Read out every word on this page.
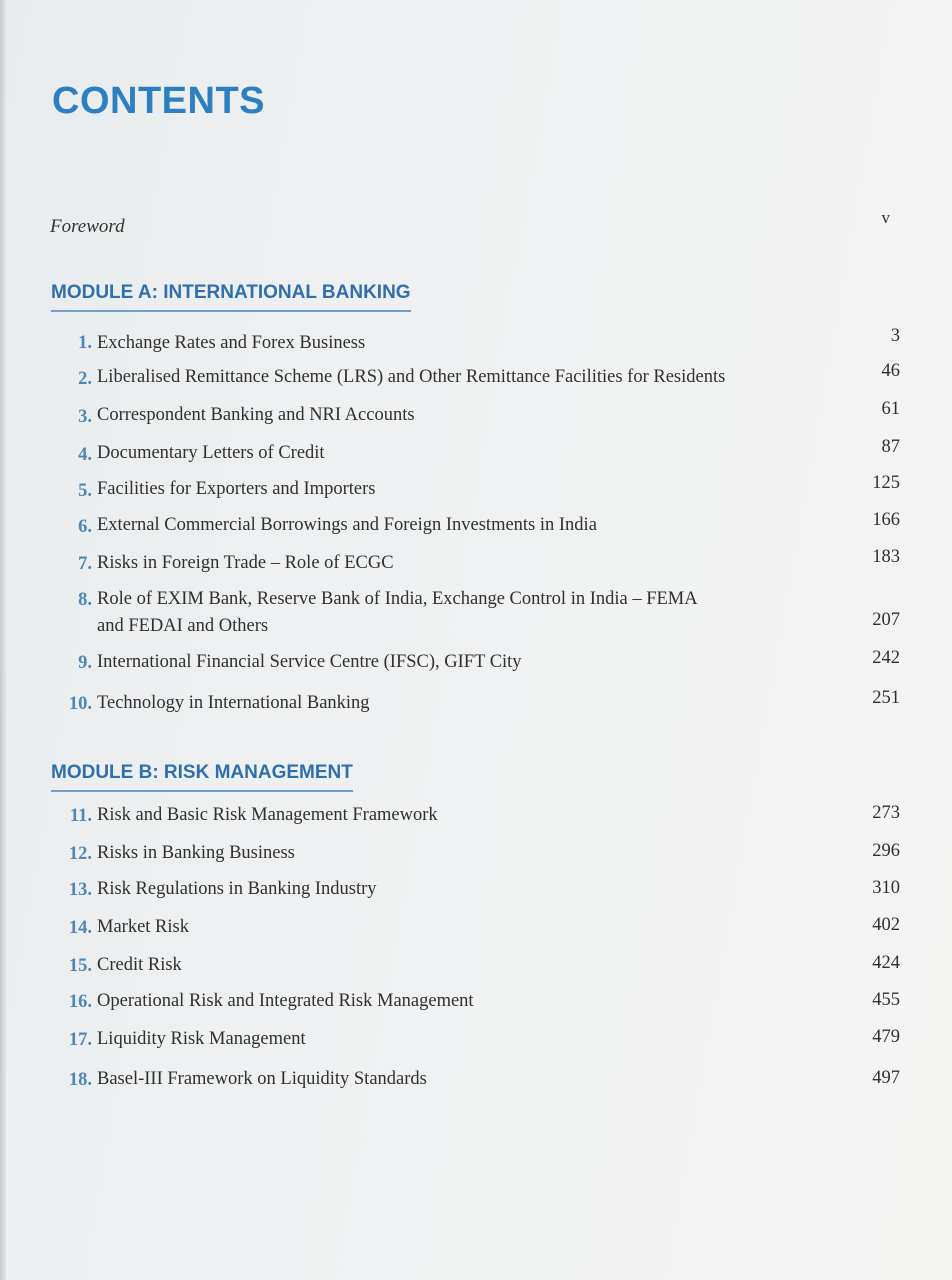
CONTENTS
Foreword	v
MODULE A: INTERNATIONAL BANKING
1. Exchange Rates and Forex Business	3
2. Liberalised Remittance Scheme (LRS) and Other Remittance Facilities for Residents	46
3. Correspondent Banking and NRI Accounts	61
4. Documentary Letters of Credit	87
5. Facilities for Exporters and Importers	125
6. External Commercial Borrowings and Foreign Investments in India	166
7. Risks in Foreign Trade – Role of ECGC	183
8. Role of EXIM Bank, Reserve Bank of India, Exchange Control in India – FEMA
and FEDAI and Others	207
9. International Financial Service Centre (IFSC), GIFT City	242
10. Technology in International Banking	251
MODULE B: RISK MANAGEMENT
11. Risk and Basic Risk Management Framework	273
12. Risks in Banking Business	296
13. Risk Regulations in Banking Industry	310
14. Market Risk	402
15. Credit Risk	424
16. Operational Risk and Integrated Risk Management	455
17. Liquidity Risk Management	479
18. Basel-III Framework on Liquidity Standards	497
